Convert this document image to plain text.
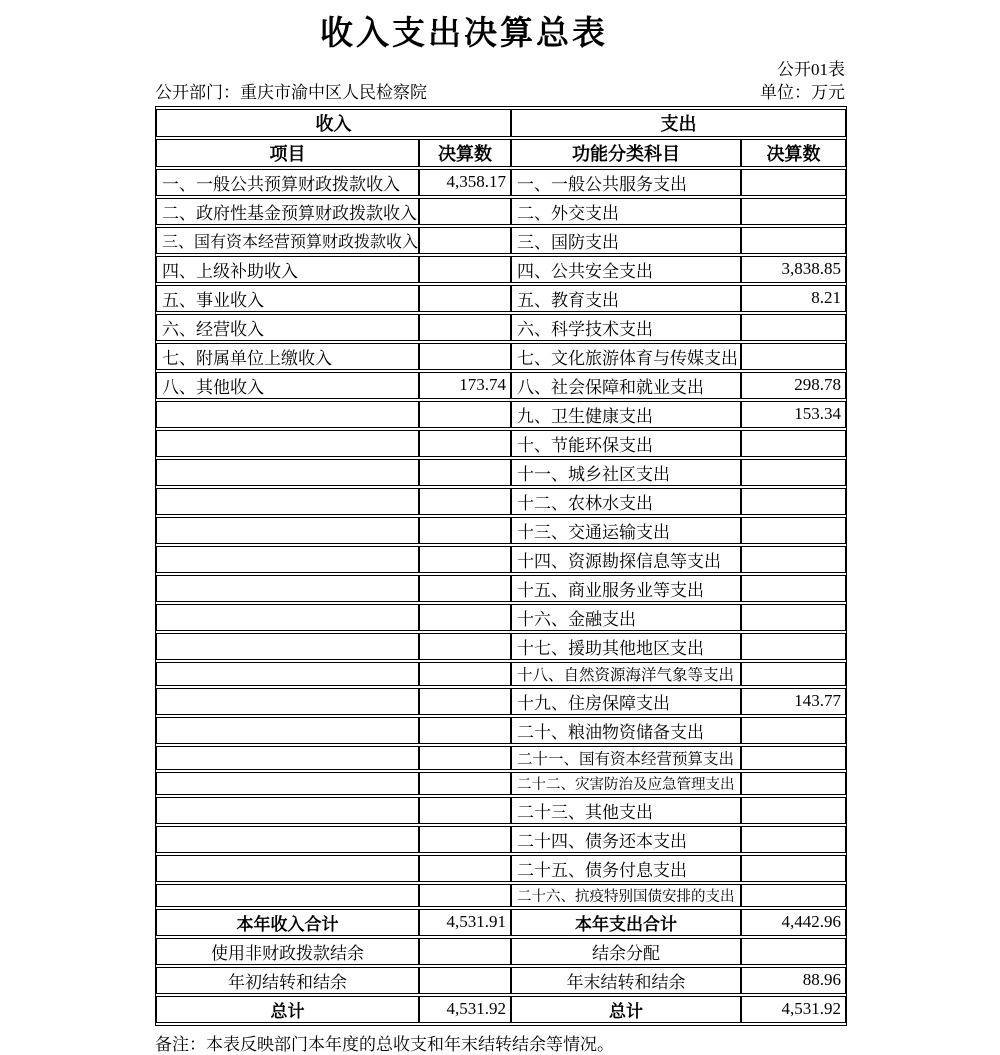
收入支出决算总表
公开01表
公开部门：重庆市渝中区人民检察院	单位：万元
收入		支出	
项目	决算数	功能分类科目	决算数
一、一般公共预算财政拨款收入	4,358.17	一、一般公共服务支出	
二、政府性基金预算财政拨款收入		二、外交支出	
三、国有资本经营预算财政拨款收入		三、国防支出	
四、上级补助收入		四、公共安全支出	3,838.85
五、事业收入		五、教育支出	8.21
六、经营收入		六、科学技术支出	
七、附属单位上缴收入		七、文化旅游体育与传媒支出	
八、其他收入	173.74	八、社会保障和就业支出	298.78
		九、卫生健康支出	153.34
		十、节能环保支出	
		十一、城乡社区支出	
		十二、农林水支出	
		十三、交通运输支出	
		十四、资源勘探信息等支出	
		十五、商业服务业等支出	
		十六、金融支出	
		十七、援助其他地区支出	
		十八、自然资源海洋气象等支出	
		十九、住房保障支出	143.77
		二十、粮油物资储备支出	
		二十一、国有资本经营预算支出	
		二十二、灾害防治及应急管理支出	
		二十三、其他支出	
		二十四、债务还本支出	
		二十五、债务付息支出	
		二十六、抗疫特别国债安排的支出	
本年收入合计	4,531.91	本年支出合计	4,442.96
使用非财政拨款结余		结余分配	
年初结转和结余		年末结转和结余	88.96
总计	4,531.92	总计	4,531.92
备注：本表反映部门本年度的总收支和年末结转结余等情况。
